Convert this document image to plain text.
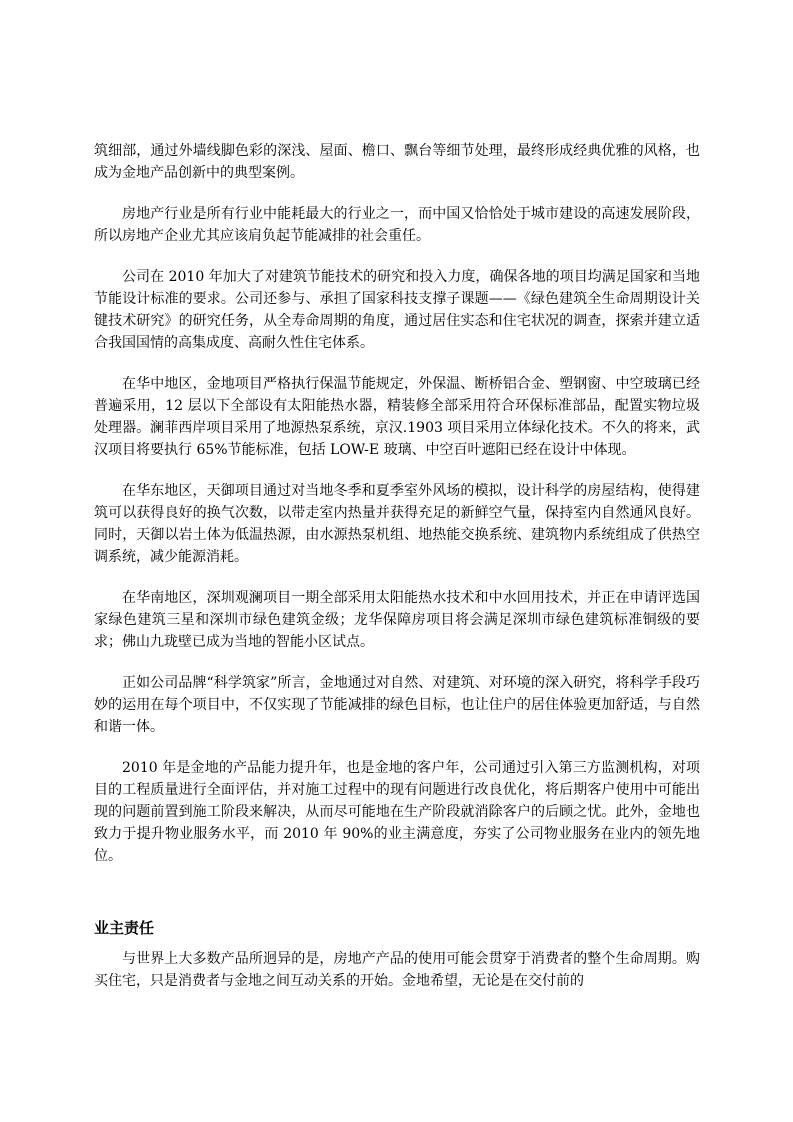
筑细部，通过外墙线脚色彩的深浅、屋面、檐口、飘台等细节处理，最终形成经典优雅的风格，也成为金地产品创新中的典型案例。

房地产行业是所有行业中能耗最大的行业之一，而中国又恰恰处于城市建设的高速发展阶段，所以房地产企业尤其应该肩负起节能减排的社会重任。

公司在 2010 年加大了对建筑节能技术的研究和投入力度，确保各地的项目均满足国家和当地节能设计标准的要求。公司还参与、承担了国家科技支撑子课题——《绿色建筑全生命周期设计关键技术研究》的研究任务，从全寿命周期的角度，通过居住实态和住宅状况的调查，探索并建立适合我国国情的高集成度、高耐久性住宅体系。

在华中地区，金地项目严格执行保温节能规定，外保温、断桥铝合金、塑钢窗、中空玻璃已经普遍采用，12 层以下全部设有太阳能热水器，精装修全部采用符合环保标准部品，配置实物垃圾处理器。澜菲西岸项目采用了地源热泵系统，京汉.1903 项目采用立体绿化技术。不久的将来，武汉项目将要执行 65%节能标准，包括 LOW-E 玻璃、中空百叶遮阳已经在设计中体现。

在华东地区，天御项目通过对当地冬季和夏季室外风场的模拟，设计科学的房屋结构，使得建筑可以获得良好的换气次数，以带走室内热量并获得充足的新鲜空气量，保持室内自然通风良好。同时，天御以岩土体为低温热源，由水源热泵机组、地热能交换系统、建筑物内系统组成了供热空调系统，减少能源消耗。

在华南地区，深圳观澜项目一期全部采用太阳能热水技术和中水回用技术，并正在申请评选国家绿色建筑三星和深圳市绿色建筑金级；龙华保障房项目将会满足深圳市绿色建筑标准铜级的要求；佛山九珑壁已成为当地的智能小区试点。

正如公司品牌“科学筑家”所言，金地通过对自然、对建筑、对环境的深入研究，将科学手段巧妙的运用在每个项目中，不仅实现了节能减排的绿色目标，也让住户的居住体验更加舒适，与自然和谐一体。

2010 年是金地的产品能力提升年，也是金地的客户年，公司通过引入第三方监测机构，对项目的工程质量进行全面评估，并对施工过程中的现有问题进行改良优化，将后期客户使用中可能出现的问题前置到施工阶段来解决，从而尽可能地在生产阶段就消除客户的后顾之忧。此外，金地也致力于提升物业服务水平，而 2010 年 90%的业主满意度，夯实了公司物业服务在业内的领先地位。

业主责任

与世界上大多数产品所迥异的是，房地产产品的使用可能会贯穿于消费者的整个生命周期。购买住宅，只是消费者与金地之间互动关系的开始。金地希望，无论是在交付前的
